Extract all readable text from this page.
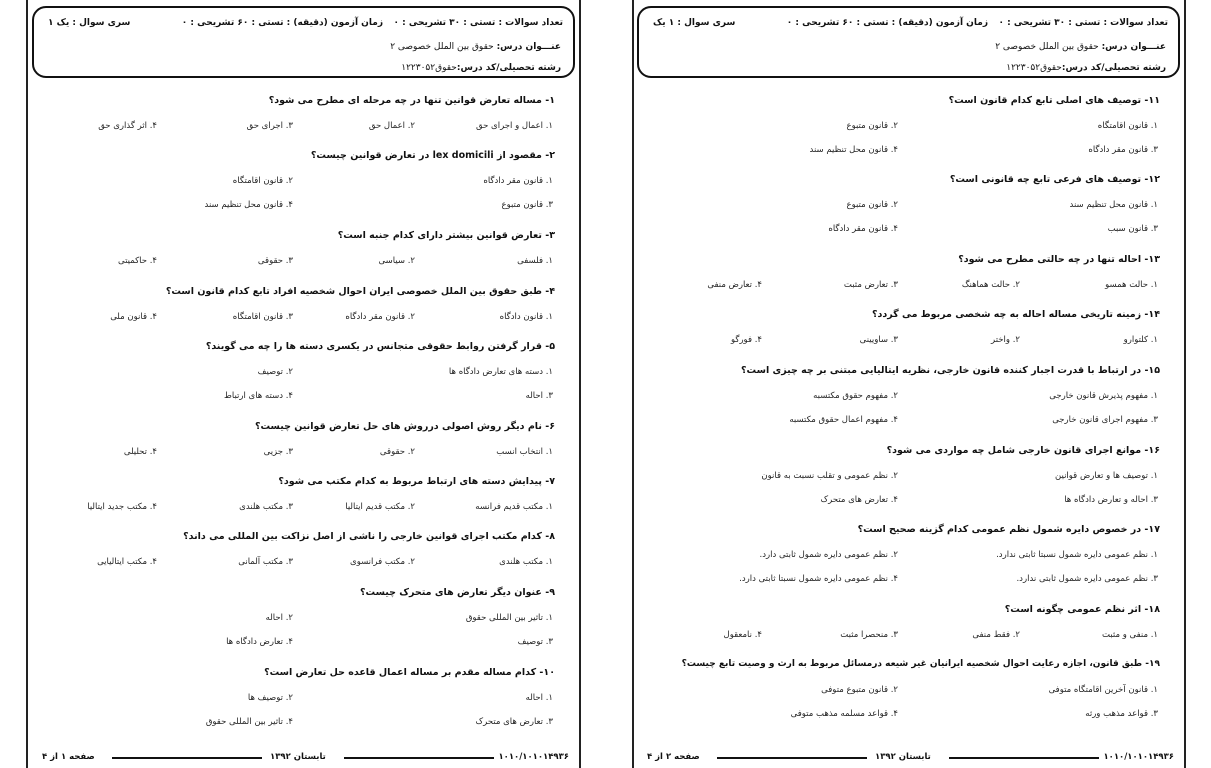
تعداد سوالات : تستی : ۳۰ تشریحی : ۰
زمان آزمون (دقیقه) : تستی : ۶۰ تشریحی : ۰
سری سوال : یک ۱
عنـــوان درس: حقوق بین الملل خصوصی ۲
رشته تحصیلی/کد درس:حقوق۱۲۲۳۰۵۲
۱- مساله تعارض قوانین تنها در چه مرحله ای مطرح می شود؟
۱. اعمال و اجرای حق
۲. اعمال حق
۳. اجرای حق
۴. اثر گذاری حق
۲- مقصود از lex domicili در تعارض قوانین چیست؟
۱. قانون مقر دادگاه
۲. قانون اقامتگاه
۳. قانون متبوع
۴. قانون محل تنظیم سند
۳- تعارض قوانین بیشتر دارای کدام جنبه است؟
۱. فلسفی
۲. سیاسی
۳. حقوقی
۴. حاکمیتی
۴- طبق حقوق بین الملل خصوصی ایران احوال شخصیه افراد تابع کدام قانون است؟
۱. قانون دادگاه
۲. قانون مقر دادگاه
۳. قانون اقامتگاه
۴. قانون ملی
۵- قرار گرفتن روابط حقوقی متجانس در یکسری دسته ها را چه می گویند؟
۱. دسته های تعارض دادگاه ها
۲. توصیف
۳. احاله
۴. دسته های ارتباط
۶- نام دیگر روش اصولی درروش های حل تعارض قوانین چیست؟
۱. انتخاب انسب
۲. حقوقی
۳. جزیی
۴. تحلیلی
۷- پیدایش دسته های ارتباط مربوط به کدام مکتب می شود؟
۱. مکتب قدیم فرانسه
۲. مکتب قدیم ایتالیا
۳. مکتب هلندی
۴. مکتب جدید ایتالیا
۸- کدام مکتب اجرای قوانین خارجی را ناشی از اصل نزاکت بین المللی می داند؟
۱. مکتب هلندی
۲. مکتب فرانسوی
۳. مکتب آلمانی
۴. مکتب ایتالیایی
۹- عنوان دیگر تعارض های متحرک چیست؟
۱. تاثیر بین المللی حقوق
۲. احاله
۳. توصیف
۴. تعارض دادگاه ها
۱۰- کدام مساله مقدم بر مساله اعمال قاعده حل تعارض است؟
۱. احاله
۲. توصیف ها
۳. تعارض های متحرک
۴. تاثیر بین المللی حقوق
صفحه ۱ از ۴	تابستان ۱۳۹۲	۱۰۱۰/۱۰۱۰۱۴۹۳۶
تعداد سوالات : تستی : ۳۰ تشریحی : ۰
زمان آزمون (دقیقه) : تستی : ۶۰ تشریحی : ۰
سری سوال : ۱ یک
عنـــوان درس: حقوق بین الملل خصوصی ۲
رشته تحصیلی/کد درس:حقوق۱۲۲۳۰۵۲
۱۱- توصیف های اصلی تابع کدام قانون است؟
۱. قانون اقامتگاه
۲. قانون متبوع
۳. قانون مقر دادگاه
۴. قانون محل تنظیم سند
۱۲- توصیف های فرعی تابع چه قانونی است؟
۱. قانون محل تنظیم سند
۲. قانون متبوع
۳. قانون سبب
۴. قانون مقر دادگاه
۱۳- احاله تنها در چه حالتی مطرح می شود؟
۱. حالت همسو
۲. حالت هماهنگ
۳. تعارض مثبت
۴. تعارض منفی
۱۴- زمینه تاریخی مساله احاله به چه شخصی مربوط می گردد؟
۱. کلتوارو
۲. واختر
۳. ساویینی
۴. فورگو
۱۵- در ارتباط با قدرت اجبار کننده قانون خارجی، نظریه ایتالیایی مبتنی بر چه چیزی است؟
۱. مفهوم پذیرش قانون خارجی
۲. مفهوم حقوق مکتسبه
۳. مفهوم اجرای قانون خارجی
۴. مفهوم اعمال حقوق مکتسبه
۱۶- موانع اجرای قانون خارجی شامل چه مواردی می شود؟
۱. توصیف ها و تعارض قوانین
۲. نظم عمومی و تقلب نسبت به قانون
۳. احاله و تعارض دادگاه ها
۴. تعارض های متحرک
۱۷- در خصوص دایره شمول نظم عمومی کدام گزینه صحیح است؟
۱. نظم عمومی دایره شمول نسبتا ثابتی ندارد.
۲. نظم عمومی دایره شمول ثابتی دارد.
۳. نظم عمومی دایره شمول ثابتی ندارد.
۴. نظم عمومی دایره شمول نسبتا ثابتی دارد.
۱۸- اثر نظم عمومی چگونه است؟
۱. منفی و مثبت
۲. فقط منفی
۳. منحصرا مثبت
۴. نامعقول
۱۹- طبق قانون، اجازه رعایت احوال شخصیه ایرانیان غیر شیعه درمسائل مربوط به ارث و وصیت تابع چیست؟
۱. قانون آخرین اقامتگاه متوفی
۲. قانون متبوع متوفی
۳. قواعد مذهب ورثه
۴. قواعد مسلمه مذهب متوفی
صفحه ۲ از ۴	تابستان ۱۳۹۲	۱۰۱۰/۱۰۱۰۱۴۹۳۶
